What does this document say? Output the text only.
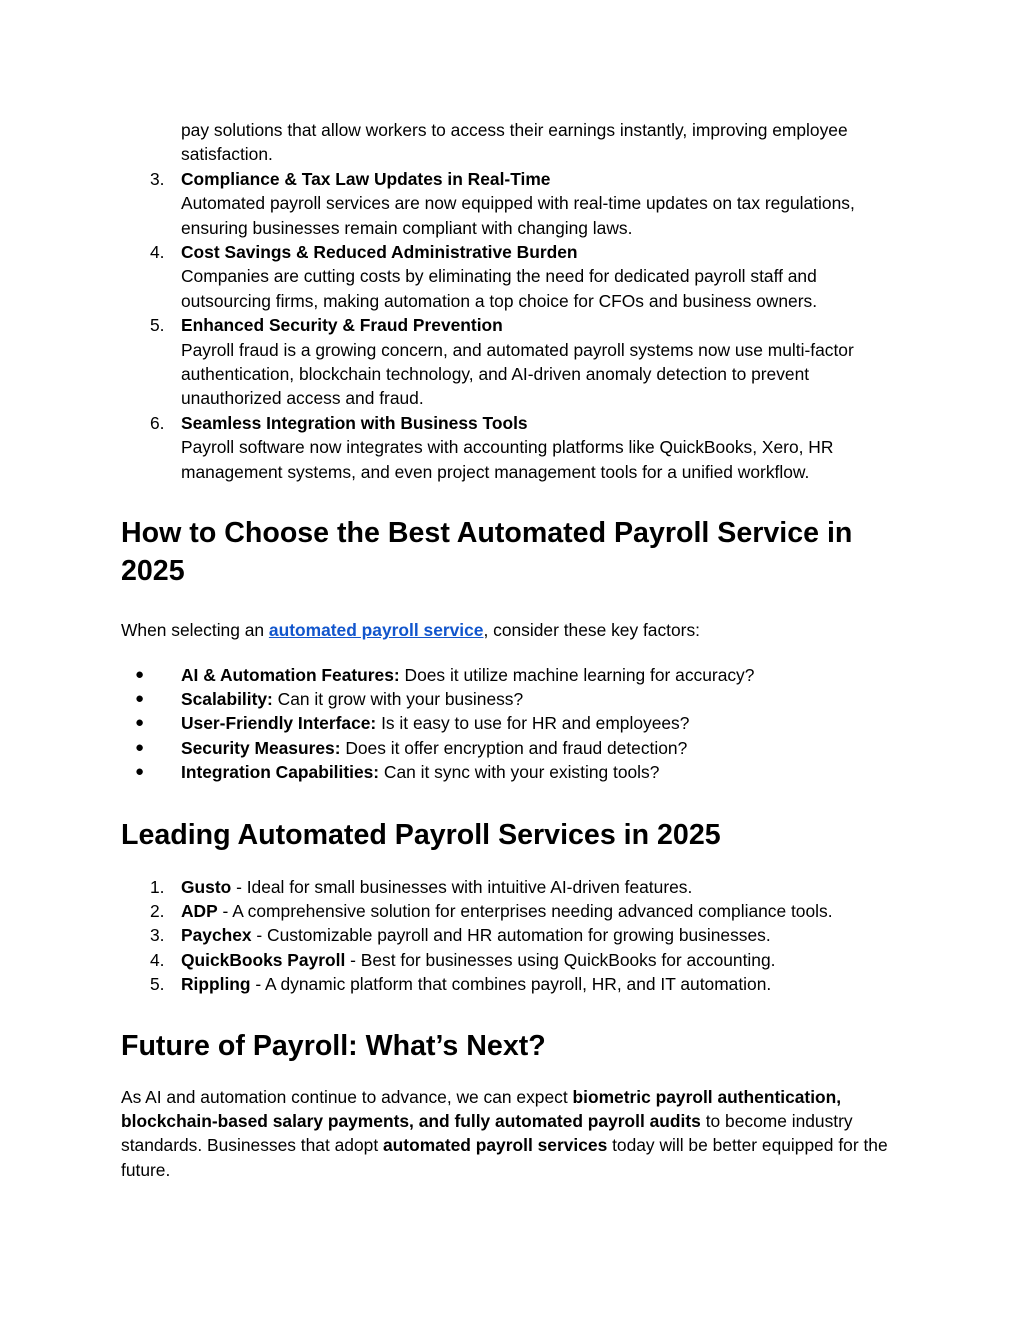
pay solutions that allow workers to access their earnings instantly, improving employee satisfaction.
3. Compliance & Tax Law Updates in Real-Time
Automated payroll services are now equipped with real-time updates on tax regulations, ensuring businesses remain compliant with changing laws.
4. Cost Savings & Reduced Administrative Burden
Companies are cutting costs by eliminating the need for dedicated payroll staff and outsourcing firms, making automation a top choice for CFOs and business owners.
5. Enhanced Security & Fraud Prevention
Payroll fraud is a growing concern, and automated payroll systems now use multi-factor authentication, blockchain technology, and AI-driven anomaly detection to prevent unauthorized access and fraud.
6. Seamless Integration with Business Tools
Payroll software now integrates with accounting platforms like QuickBooks, Xero, HR management systems, and even project management tools for a unified workflow.
How to Choose the Best Automated Payroll Service in 2025

When selecting an automated payroll service, consider these key factors:

● AI & Automation Features: Does it utilize machine learning for accuracy?
● Scalability: Can it grow with your business?
● User-Friendly Interface: Is it easy to use for HR and employees?
● Security Measures: Does it offer encryption and fraud detection?
● Integration Capabilities: Can it sync with your existing tools?
Leading Automated Payroll Services in 2025
1. Gusto - Ideal for small businesses with intuitive AI-driven features.
2. ADP - A comprehensive solution for enterprises needing advanced compliance tools.
3. Paychex - Customizable payroll and HR automation for growing businesses.
4. QuickBooks Payroll - Best for businesses using QuickBooks for accounting.
5. Rippling - A dynamic platform that combines payroll, HR, and IT automation.
Future of Payroll: What’s Next?

As AI and automation continue to advance, we can expect biometric payroll authentication, blockchain-based salary payments, and fully automated payroll audits to become industry standards. Businesses that adopt automated payroll services today will be better equipped for the future.
